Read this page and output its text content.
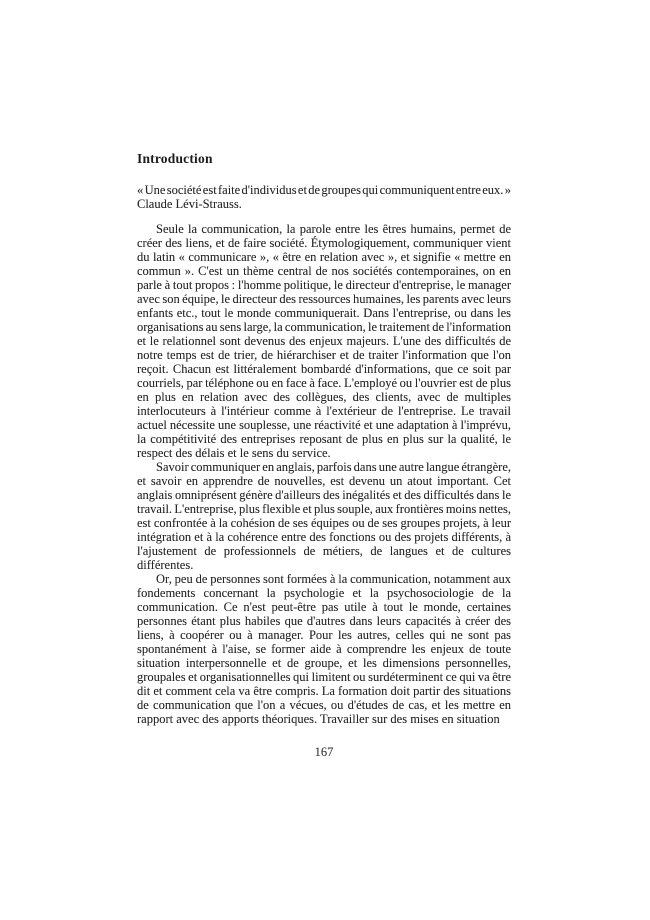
Introduction
« Une société est faite d'individus et de groupes qui communiquent entre eux. »
Claude Lévi-Strauss.
Seule la communication, la parole entre les êtres humains, permet de
créer des liens, et de faire société. Étymologiquement, communiquer vient
du latin « communicare », « être en relation avec », et signifie « mettre en
commun ». C'est un thème central de nos sociétés contemporaines, on en
parle à tout propos : l'homme politique, le directeur d'entreprise, le manager
avec son équipe, le directeur des ressources humaines, les parents avec leurs
enfants etc., tout le monde communiquerait. Dans l'entreprise, ou dans les
organisations au sens large, la communication, le traitement de l'information
et le relationnel sont devenus des enjeux majeurs. L'une des difficultés de
notre temps est de trier, de hiérarchiser et de traiter l'information que l'on
reçoit. Chacun est littéralement bombardé d'informations, que ce soit par
courriels, par téléphone ou en face à face. L'employé ou l'ouvrier est de plus
en plus en relation avec des collègues, des clients, avec de multiples
interlocuteurs à l'intérieur comme à l'extérieur de l'entreprise. Le travail
actuel nécessite une souplesse, une réactivité et une adaptation à l'imprévu,
la compétitivité des entreprises reposant de plus en plus sur la qualité, le
respect des délais et le sens du service.
Savoir communiquer en anglais, parfois dans une autre langue étrangère,
et savoir en apprendre de nouvelles, est devenu un atout important. Cet
anglais omniprésent génère d'ailleurs des inégalités et des difficultés dans le
travail. L'entreprise, plus flexible et plus souple, aux frontières moins nettes,
est confrontée à la cohésion de ses équipes ou de ses groupes projets, à leur
intégration et à la cohérence entre des fonctions ou des projets différents, à
l'ajustement de professionnels de métiers, de langues et de cultures
différentes.
Or, peu de personnes sont formées à la communication, notamment aux
fondements concernant la psychologie et la psychosociologie de la
communication. Ce n'est peut-être pas utile à tout le monde, certaines
personnes étant plus habiles que d'autres dans leurs capacités à créer des
liens, à coopérer ou à manager. Pour les autres, celles qui ne sont pas
spontanément à l'aise, se former aide à comprendre les enjeux de toute
situation interpersonnelle et de groupe, et les dimensions personnelles,
groupales et organisationnelles qui limitent ou surdéterminent ce qui va être
dit et comment cela va être compris. La formation doit partir des situations
de communication que l'on a vécues, ou d'études de cas, et les mettre en
rapport avec des apports théoriques. Travailler sur des mises en situation
167
